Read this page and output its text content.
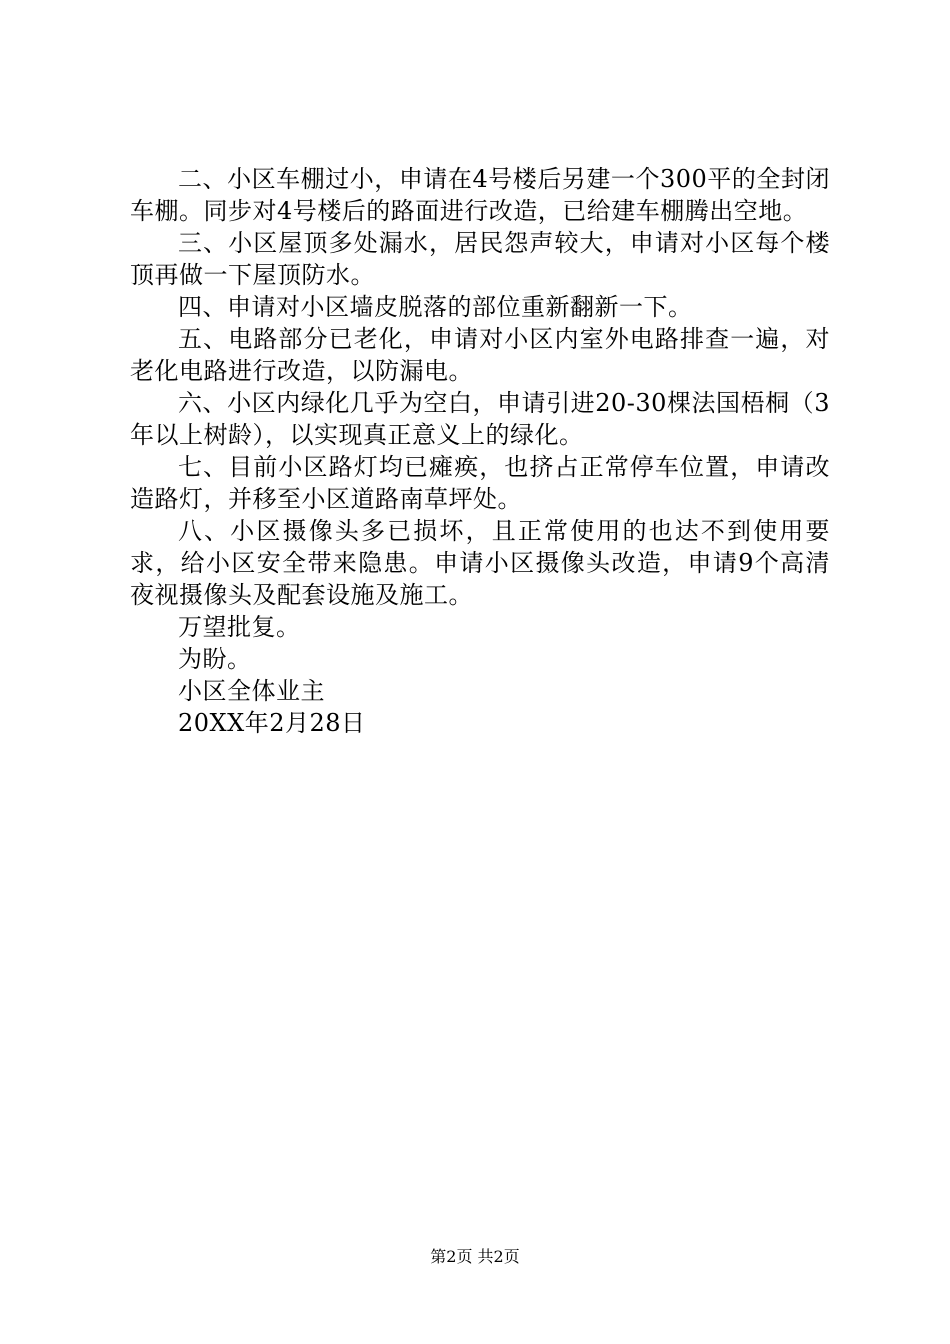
二、小区车棚过小，申请在4号楼后另建一个300平的全封闭车棚。同步对4号楼后的路面进行改造，已给建车棚腾出空地。

三、小区屋顶多处漏水，居民怨声较大，申请对小区每个楼顶再做一下屋顶防水。

四、申请对小区墙皮脱落的部位重新翻新一下。

五、电路部分已老化，申请对小区内室外电路排查一遍，对老化电路进行改造，以防漏电。

六、小区内绿化几乎为空白，申请引进20-30棵法国梧桐（3年以上树龄），以实现真正意义上的绿化。

七、目前小区路灯均已瘫痪，也挤占正常停车位置，申请改造路灯，并移至小区道路南草坪处。

八、小区摄像头多已损坏，且正常使用的也达不到使用要求，给小区安全带来隐患。申请小区摄像头改造，申请9个高清夜视摄像头及配套设施及施工。

万望批复。

为盼。

小区全体业主

20XX年2月28日

第2页 共2页
